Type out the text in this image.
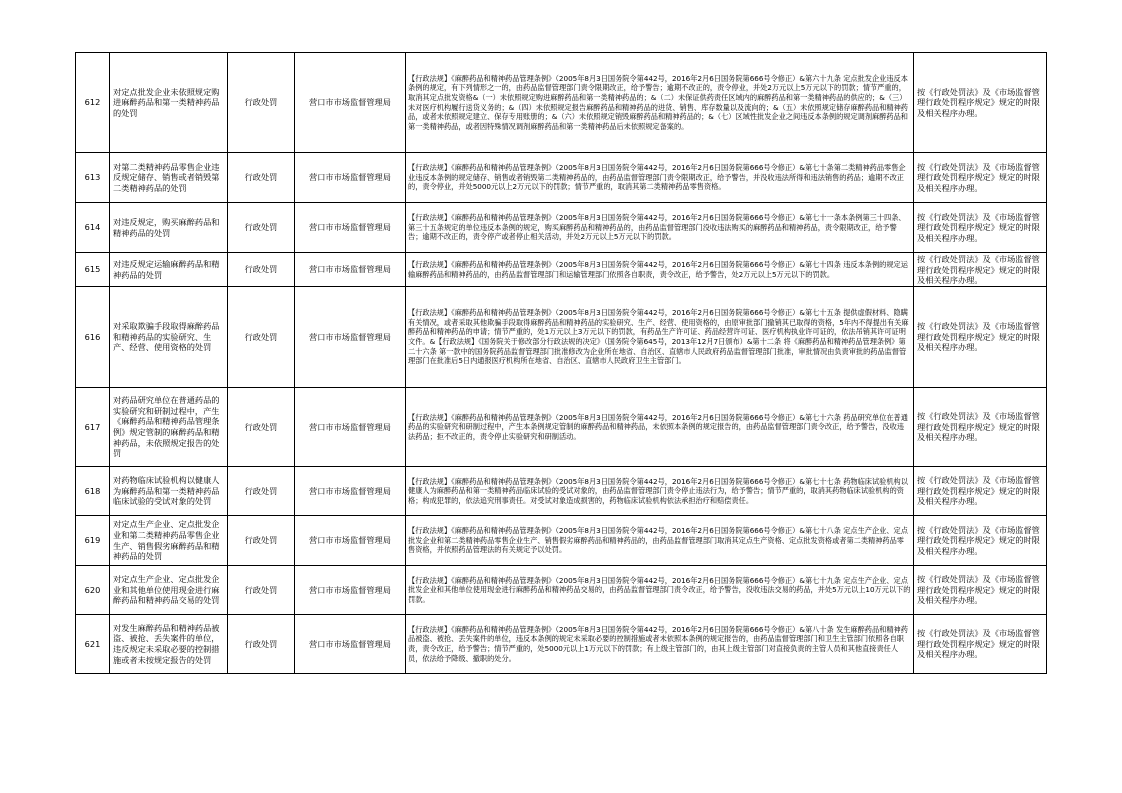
612	对定点批发企业未依照规定购进麻醉药品和第一类精神药品的处罚	行政处罚	营口市市场监督管理局	【行政法规】《麻醉药品和精神药品管理条例》（2005年8月3日国务院令第442号，2016年2月6日国务院第666号令修正）&第六十九条 定点批发企业违反本条例的规定，有下列情形之一的，由药品监督管理部门责令限期改正，给予警告；逾期不改正的，责令停业，并处2万元以上5万元以下的罚款；情节严重的，取消其定点批发资格&（一）未依照规定购进麻醉药品和第一类精神药品的；&（二）未保证供药责任区域内的麻醉药品和第一类精神药品的供应的；&（三）未对医疗机构履行送货义务的；&（四）未依照规定报告麻醉药品和精神药品的进货、销售、库存数量以及流向的；&（五）未依照规定储存麻醉药品和精神药品，或者未依照规定建立、保存专用账册的；&（六）未依照规定销毁麻醉药品和精神药品的；&（七）区域性批发企业之间违反本条例的规定调剂麻醉药品和第一类精神药品，或者因特殊情况调剂麻醉药品和第一类精神药品后未依照规定备案的。	按《行政处罚法》及《市场监督管理行政处罚程序规定》规定的时限及相关程序办理。

613	对第二类精神药品零售企业违反规定储存、销售或者销毁第二类精神药品的处罚	行政处罚	营口市市场监督管理局	【行政法规】《麻醉药品和精神药品管理条例》（2005年8月3日国务院令第442号，2016年2月6日国务院第666号令修正）&第七十条第二类精神药品零售企业违反本条例的规定储存、销售或者销毁第二类精神药品的，由药品监督管理部门责令限期改正，给予警告，并没收违法所得和违法销售的药品；逾期不改正的，责令停业，并处5000元以上2万元以下的罚款；情节严重的，取消其第二类精神药品零售资格。	按《行政处罚法》及《市场监督管理行政处罚程序规定》规定的时限及相关程序办理。

614	对违反规定，购买麻醉药品和精神药品的处罚	行政处罚	营口市市场监督管理局	【行政法规】《麻醉药品和精神药品管理条例》（2005年8月3日国务院令第442号，2016年2月6日国务院第666号令修正）&第七十一条本条例第三十四条、第三十五条规定的单位违反本条例的规定，购买麻醉药品和精神药品的，由药品监督管理部门没收违法购买的麻醉药品和精神药品，责令限期改正，给予警告；逾期不改正的，责令停产或者停止相关活动，并处2万元以上5万元以下的罚款。	按《行政处罚法》及《市场监督管理行政处罚程序规定》规定的时限及相关程序办理。

615	对违反规定运输麻醉药品和精神药品的处罚	行政处罚	营口市市场监督管理局	【行政法规】《麻醉药品和精神药品管理条例》（2005年8月3日国务院令第442号，2016年2月6日国务院第666号令修正）&第七十四条 违反本条例的规定运输麻醉药品和精神药品的，由药品监督管理部门和运输管理部门依照各自职责，责令改正，给予警告，处2万元以上5万元以下的罚款。	按《行政处罚法》及《市场监督管理行政处罚程序规定》规定的时限及相关程序办理。

616	对采取欺骗手段取得麻醉药品和精神药品的实验研究、生产、经营、使用资格的处罚	行政处罚	营口市市场监督管理局	【行政法规】《麻醉药品和精神药品管理条例》（2005年8月3日国务院令第442号，2016年2月6日国务院第666号令修正）&第七十五条 提供虚假材料、隐瞒有关情况，或者采取其他欺骗手段取得麻醉药品和精神药品的实验研究、生产、经营、使用资格的，由原审批部门撤销其已取得的资格，5年内不得提出有关麻醉药品和精神药品的申请；情节严重的，处1万元以上3万元以下的罚款，有药品生产许可证、药品经营许可证、医疗机构执业许可证的，依法吊销其许可证明文件。&【行政法规】《国务院关于修改部分行政法规的决定》（国务院令第645号，2013年12月7日颁布）&第十二条 将《麻醉药品和精神药品管理条例》第二十六条 第一款中的国务院药品监督管理部门批准修改为企业所在地省、自治区、直辖市人民政府药品监督管理部门批准，审批情况由负责审批的药品监督管理部门在批准后5日内通报医疗机构所在地省、自治区、直辖市人民政府卫生主管部门。	按《行政处罚法》及《市场监督管理行政处罚程序规定》规定的时限及相关程序办理。

617	对药品研究单位在普通药品的实验研究和研制过程中，产生《麻醉药品和精神药品管理条例》规定管制的麻醉药品和精神药品，未依照规定报告的处罚	行政处罚	营口市市场监督管理局	【行政法规】《麻醉药品和精神药品管理条例》（2005年8月3日国务院令第442号，2016年2月6日国务院第666号令修正）&第七十六条 药品研究单位在普通药品的实验研究和研制过程中，产生本条例规定管制的麻醉药品和精神药品，未依照本条例的规定报告的，由药品监督管理部门责令改正，给予警告，没收违法药品；拒不改正的，责令停止实验研究和研制活动。	按《行政处罚法》及《市场监督管理行政处罚程序规定》规定的时限及相关程序办理。

618	对药物临床试验机构以健康人为麻醉药品和第一类精神药品临床试验的受试对象的处罚	行政处罚	营口市市场监督管理局	【行政法规】《麻醉药品和精神药品管理条例》（2005年8月3日国务院令第442号，2016年2月6日国务院第666号令修正）&第七十七条 药物临床试验机构以健康人为麻醉药品和第一类精神药品临床试验的受试对象的，由药品监督管理部门责令停止违法行为，给予警告；情节严重的，取消其药物临床试验机构的资格；构成犯罪的，依法追究刑事责任。对受试对象造成损害的，药物临床试验机构依法承担治疗和赔偿责任。	按《行政处罚法》及《市场监督管理行政处罚程序规定》规定的时限及相关程序办理。

619	对定点生产企业、定点批发企业和第二类精神药品零售企业生产、销售假劣麻醉药品和精神药品的处罚	行政处罚	营口市市场监督管理局	【行政法规】《麻醉药品和精神药品管理条例》（2005年8月3日国务院令第442号，2016年2月6日国务院第666号令修正）&第七十八条 定点生产企业、定点批发企业和第二类精神药品零售企业生产、销售假劣麻醉药品和精神药品的，由药品监督管理部门取消其定点生产资格、定点批发资格或者第二类精神药品零售资格，并依照药品管理法的有关规定予以处罚。	按《行政处罚法》及《市场监督管理行政处罚程序规定》规定的时限及相关程序办理。

620	对定点生产企业、定点批发企业和其他单位使用现金进行麻醉药品和精神药品交易的处罚	行政处罚	营口市市场监督管理局	【行政法规】《麻醉药品和精神药品管理条例》（2005年8月3日国务院令第442号，2016年2月6日国务院第666号令修正）&第七十九条 定点生产企业、定点批发企业和其他单位使用现金进行麻醉药品和精神药品交易的，由药品监督管理部门责令改正，给予警告，没收违法交易的药品，并处5万元以上10万元以下的罚款。	按《行政处罚法》及《市场监督管理行政处罚程序规定》规定的时限及相关程序办理。

621	对发生麻醉药品和精神药品被盗、被抢、丢失案件的单位，违反规定未采取必要的控制措施或者未按规定报告的处罚	行政处罚	营口市市场监督管理局	【行政法规】《麻醉药品和精神药品管理条例》（2005年8月3日国务院令第442号，2016年2月6日国务院第666号令修正）&第八十条 发生麻醉药品和精神药品被盗、被抢、丢失案件的单位，违反本条例的规定未采取必要的控制措施或者未依照本条例的规定报告的，由药品监督管理部门和卫生主管部门依照各自职责，责令改正，给予警告；情节严重的，处5000元以上1万元以下的罚款；有上级主管部门的，由其上级主管部门对直接负责的主管人员和其他直接责任人员，依法给予降级、撤职的处分。	按《行政处罚法》及《市场监督管理行政处罚程序规定》规定的时限及相关程序办理。
